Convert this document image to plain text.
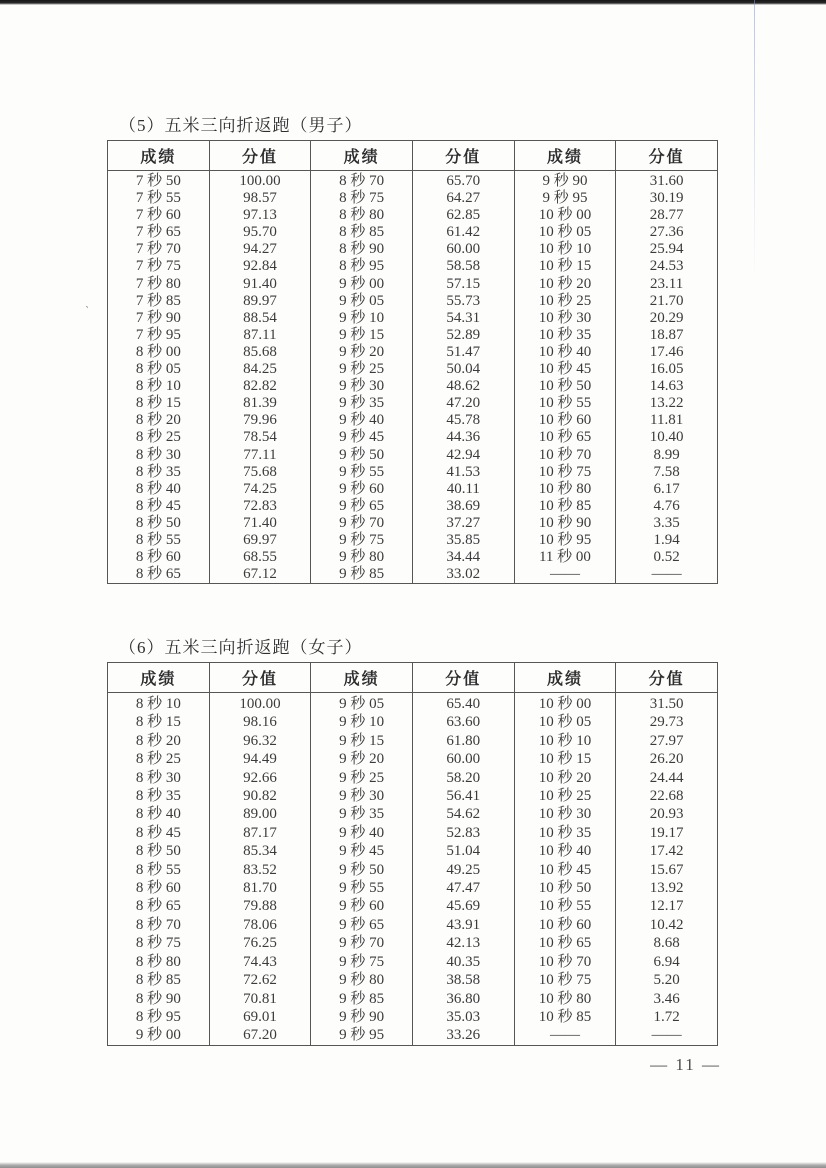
`
（5）五米三向折返跑（男子）
成绩	分值	成绩	分值	成绩	分值
7 秒 50	100.00	8 秒 70	65.70	9 秒 90	31.60
7 秒 55	98.57	8 秒 75	64.27	9 秒 95	30.19
7 秒 60	97.13	8 秒 80	62.85	10 秒 00	28.77
7 秒 65	95.70	8 秒 85	61.42	10 秒 05	27.36
7 秒 70	94.27	8 秒 90	60.00	10 秒 10	25.94
7 秒 75	92.84	8 秒 95	58.58	10 秒 15	24.53
7 秒 80	91.40	9 秒 00	57.15	10 秒 20	23.11
7 秒 85	89.97	9 秒 05	55.73	10 秒 25	21.70
7 秒 90	88.54	9 秒 10	54.31	10 秒 30	20.29
7 秒 95	87.11	9 秒 15	52.89	10 秒 35	18.87
8 秒 00	85.68	9 秒 20	51.47	10 秒 40	17.46
8 秒 05	84.25	9 秒 25	50.04	10 秒 45	16.05
8 秒 10	82.82	9 秒 30	48.62	10 秒 50	14.63
8 秒 15	81.39	9 秒 35	47.20	10 秒 55	13.22
8 秒 20	79.96	9 秒 40	45.78	10 秒 60	11.81
8 秒 25	78.54	9 秒 45	44.36	10 秒 65	10.40
8 秒 30	77.11	9 秒 50	42.94	10 秒 70	8.99
8 秒 35	75.68	9 秒 55	41.53	10 秒 75	7.58
8 秒 40	74.25	9 秒 60	40.11	10 秒 80	6.17
8 秒 45	72.83	9 秒 65	38.69	10 秒 85	4.76
8 秒 50	71.40	9 秒 70	37.27	10 秒 90	3.35
8 秒 55	69.97	9 秒 75	35.85	10 秒 95	1.94
8 秒 60	68.55	9 秒 80	34.44	11 秒 00	0.52
8 秒 65	67.12	9 秒 85	33.02	——	——
（6）五米三向折返跑（女子）
成绩	分值	成绩	分值	成绩	分值
8 秒 10	100.00	9 秒 05	65.40	10 秒 00	31.50
8 秒 15	98.16	9 秒 10	63.60	10 秒 05	29.73
8 秒 20	96.32	9 秒 15	61.80	10 秒 10	27.97
8 秒 25	94.49	9 秒 20	60.00	10 秒 15	26.20
8 秒 30	92.66	9 秒 25	58.20	10 秒 20	24.44
8 秒 35	90.82	9 秒 30	56.41	10 秒 25	22.68
8 秒 40	89.00	9 秒 35	54.62	10 秒 30	20.93
8 秒 45	87.17	9 秒 40	52.83	10 秒 35	19.17
8 秒 50	85.34	9 秒 45	51.04	10 秒 40	17.42
8 秒 55	83.52	9 秒 50	49.25	10 秒 45	15.67
8 秒 60	81.70	9 秒 55	47.47	10 秒 50	13.92
8 秒 65	79.88	9 秒 60	45.69	10 秒 55	12.17
8 秒 70	78.06	9 秒 65	43.91	10 秒 60	10.42
8 秒 75	76.25	9 秒 70	42.13	10 秒 65	8.68
8 秒 80	74.43	9 秒 75	40.35	10 秒 70	6.94
8 秒 85	72.62	9 秒 80	38.58	10 秒 75	5.20
8 秒 90	70.81	9 秒 85	36.80	10 秒 80	3.46
8 秒 95	69.01	9 秒 90	35.03	10 秒 85	1.72
9 秒 00	67.20	9 秒 95	33.26	——	——
— 11 —
